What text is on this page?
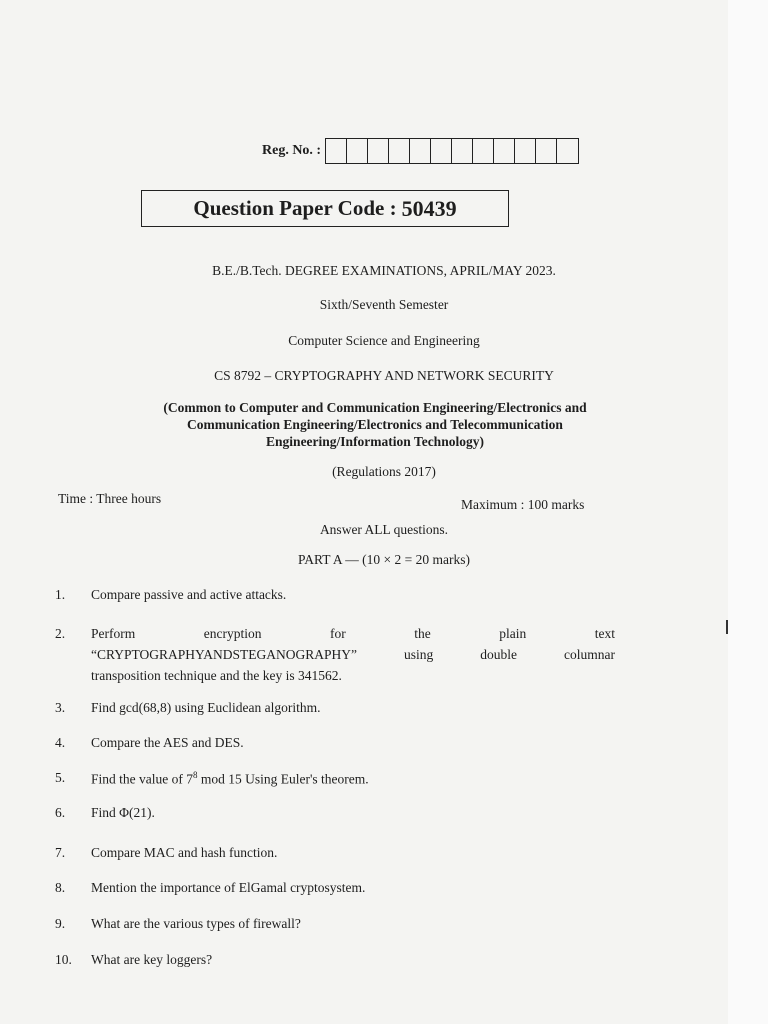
Reg. No. :
Question Paper Code : 50439
B.E./B.Tech. DEGREE EXAMINATIONS, APRIL/MAY 2023.
Sixth/Seventh Semester
Computer Science and Engineering
CS 8792 – CRYPTOGRAPHY AND NETWORK SECURITY
(Common to Computer and Communication Engineering/Electronics and
Communication Engineering/Electronics and Telecommunication
Engineering/Information Technology)
(Regulations 2017)
Time : Three hours	Maximum : 100 marks
Answer ALL questions.
PART A — (10 × 2 = 20 marks)
1. Compare passive and active attacks.
2. Perform	encryption	for	the	plain	text
“CRYPTOGRAPHYANDSTEGANOGRAPHY”	using	double	columnar
transposition technique and the key is 341562.
3. Find gcd(68,8) using Euclidean algorithm.
4. Compare the AES and DES.
5. Find the value of $7^8$ mod 15 Using Euler's theorem.
6. Find Φ(21).
7. Compare MAC and hash function.
8. Mention the importance of ElGamal cryptosystem.
9. What are the various types of firewall?
10. What are key loggers?
